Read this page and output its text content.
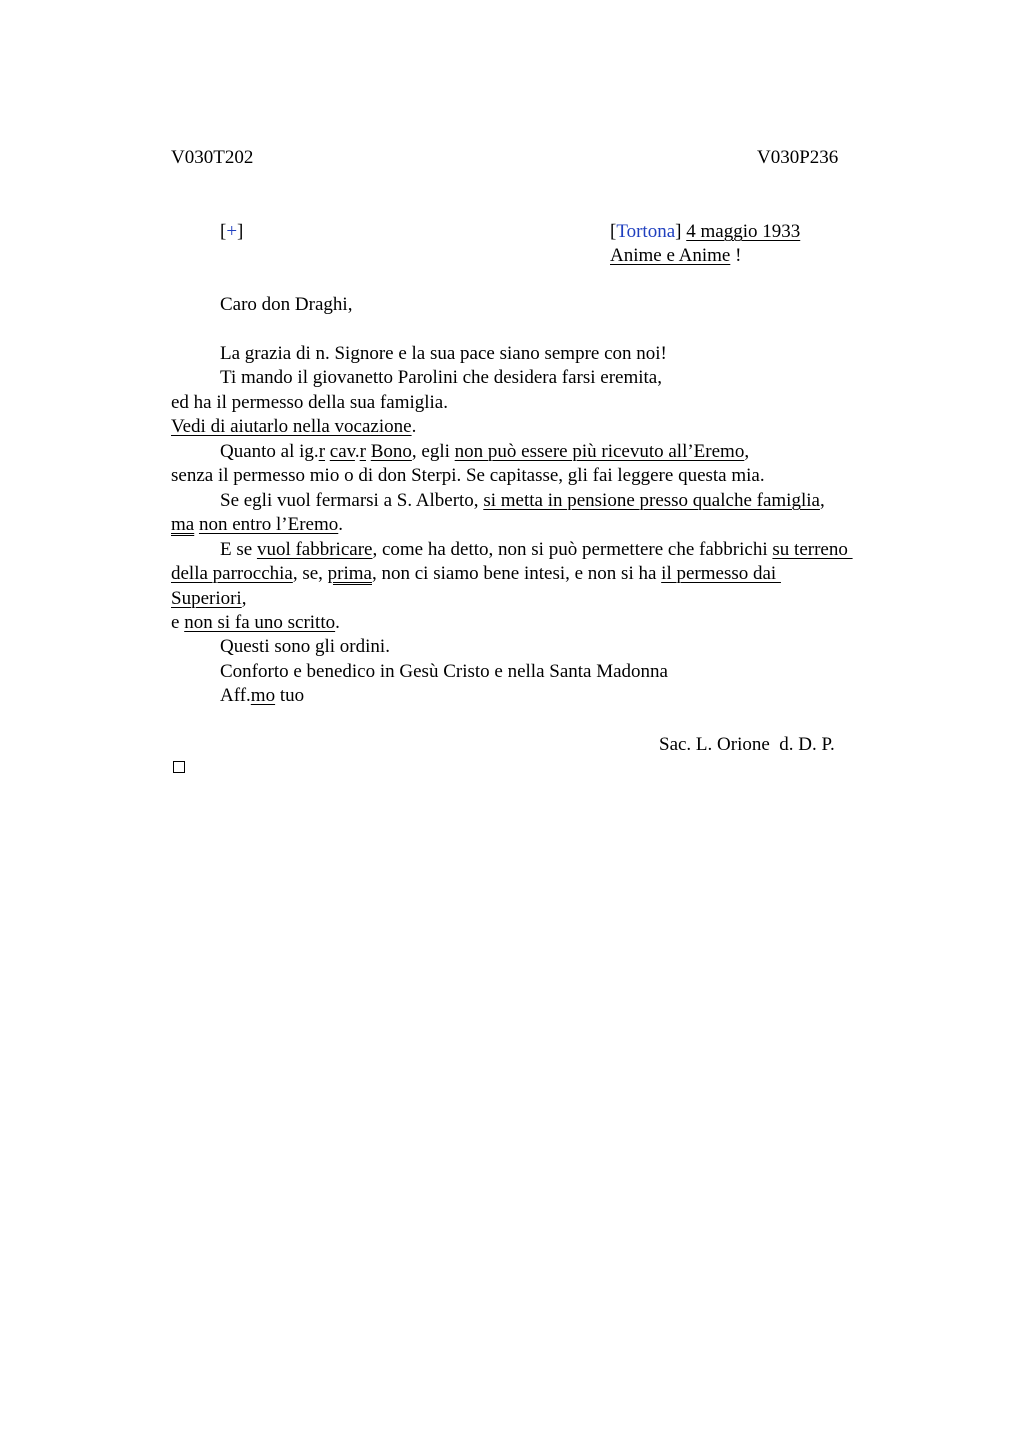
V030T202	V030P236
[+]	[Tortona] 4 maggio 1933
Anime e Anime !
Caro don Draghi,
La grazia di n. Signore e la sua pace siano sempre con noi!
Ti mando il giovanetto Parolini che desidera farsi eremita,
ed ha il permesso della sua famiglia.
Vedi di aiutarlo nella vocazione.
Quanto al ig.r cav.r Bono, egli non può essere più ricevuto all’Eremo,
senza il permesso mio o di don Sterpi. Se capitasse, gli fai leggere questa mia.
Se egli vuol fermarsi a S. Alberto, si metta in pensione presso qualche famiglia,
ma non entro l’Eremo.
E se vuol fabbricare, come ha detto, non si può permettere che fabbrichi su terreno
della parrocchia, se, prima, non ci siamo bene intesi, e non si ha il permesso dai
Superiori,
e non si fa uno scritto.
Questi sono gli ordini.
Conforto e benedico in Gesù Cristo e nella Santa Madonna
Aff.mo tuo
Sac. L. Orione  d. D. P.
